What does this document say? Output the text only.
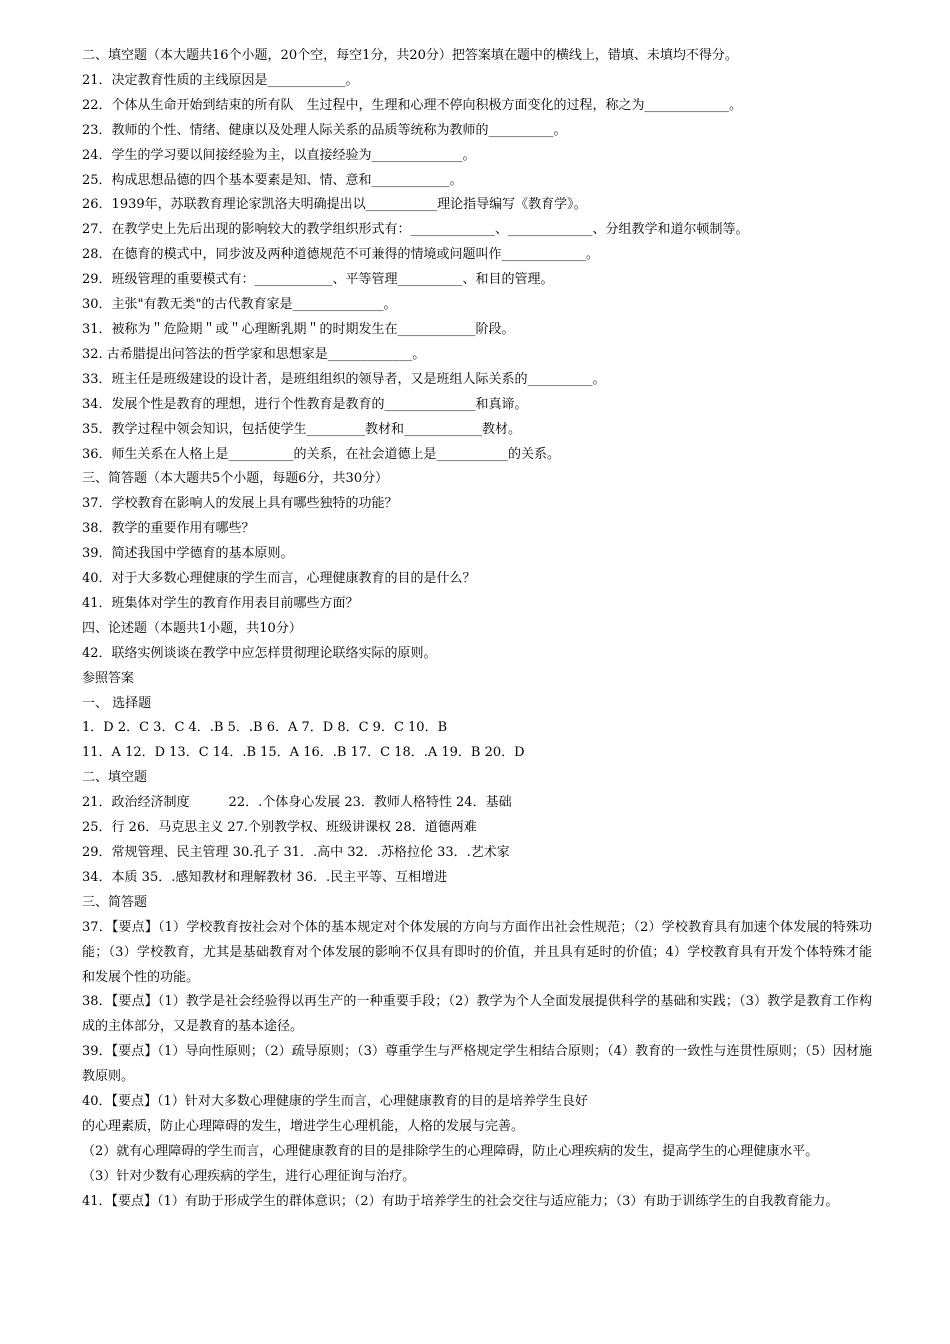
二、填空题（本大题共16个小题，20个空，每空1分，共20分）把答案填在题中的横线上，错填、未填均不得分。
21．决定教育性质的主线原因是____________。
22．个体从生命开始到结束的所有队　生过程中，生理和心理不停向积极方面变化的过程，称之为_____________。
23．教师的个性、情绪、健康以及处理人际关系的品质等统称为教师的__________。
24．学生的学习要以间接经验为主，以直接经验为______________。
25．构成思想品德的四个基本要素是知、情、意和____________。
26．1939年，苏联教育理论家凯洛夫明确提出以___________理论指导编写《教育学》。
27．在教学史上先后出现的影响较大的教学组织形式有：_____________、_____________、分组教学和道尔顿制等。
28．在德育的模式中，同步波及两种道德规范不可兼得的情境或问题叫作_____________。
29．班级管理的重要模式有：____________、平等管理__________、和目的管理。
30．主张"有教无类"的古代教育家是______________。
31．被称为＂危险期＂或＂心理断乳期＂的时期发生在____________阶段。
32. 古希腊提出问答法的哲学家和思想家是_____________。
33．班主任是班级建设的设计者，是班组组织的领导者，又是班组人际关系的__________。
34．发展个性是教育的理想，进行个性教育是教育的______________和真谛。
35．教学过程中领会知识，包括使学生_________教材和____________教材。
36．师生关系在人格上是__________的关系，在社会道德上是___________的关系。
三、简答题（本大题共5个小题，每题6分，共30分）
37．学校教育在影响人的发展上具有哪些独特的功能？
38．教学的重要作用有哪些？
39．简述我国中学德育的基本原则。
40．对于大多数心理健康的学生而言，心理健康教育的目的是什么？
41．班集体对学生的教育作用表目前哪些方面？
四、论述题（本题共1小题，共10分）
42．联络实例谈谈在教学中应怎样贯彻理论联络实际的原则。
参照答案
一、 选择题
1．D 2．C 3．C 4．.B 5．.B 6．A 7．D 8．C 9．C 10．B
11．A 12．D 13．C 14．.B 15．A 16．.B 17．C 18．.A 19．B 20．D
二、填空题
21．政治经济制度　　　22．.个体身心发展 23．教师人格特性 24．基础
25．行 26．马克思主义 27.个别教学权、班级讲课权 28．道德两难
29．常规管理、民主管理 30.孔子 31．.高中 32．.苏格拉伦 33．.艺术家
34．本质 35．.感知教材和理解教材 36．.民主平等、互相增进
三、简答题
37．【要点】（1）学校教育按社会对个体的基本规定对个体发展的方向与方面作出社会性规范；（2）学校教育具有加速个体发展的特殊功能；（3）学校教育，尤其是基础教育对个体发展的影响不仅具有即时的价值，并且具有延时的价值；4）学校教育具有开发个体特殊才能和发展个性的功能。
38．【要点】（1）教学是社会经验得以再生产的一种重要手段；（2）教学为个人全面发展提供科学的基础和实践；（3）教学是教育工作构成的主体部分，又是教育的基本途径。
39．【要点】（1）导向性原则；（2）疏导原则；（3）尊重学生与严格规定学生相结合原则；（4）教育的一致性与连贯性原则；（5）因材施教原则。
40．【要点】（1）针对大多数心理健康的学生而言，心理健康教育的目的是培养学生良好
的心理素质，防止心理障碍的发生，增进学生心理机能，人格的发展与完善。
（2）就有心理障碍的学生而言，心理健康教育的目的是排除学生的心理障碍，防止心理疾病的发生，提高学生的心理健康水平。
（3）针对少数有心理疾病的学生，进行心理征询与治疗。
41．【要点】（1）有助于形成学生的群体意识；（2）有助于培养学生的社会交往与适应能力；（3）有助于训练学生的自我教育能力。
